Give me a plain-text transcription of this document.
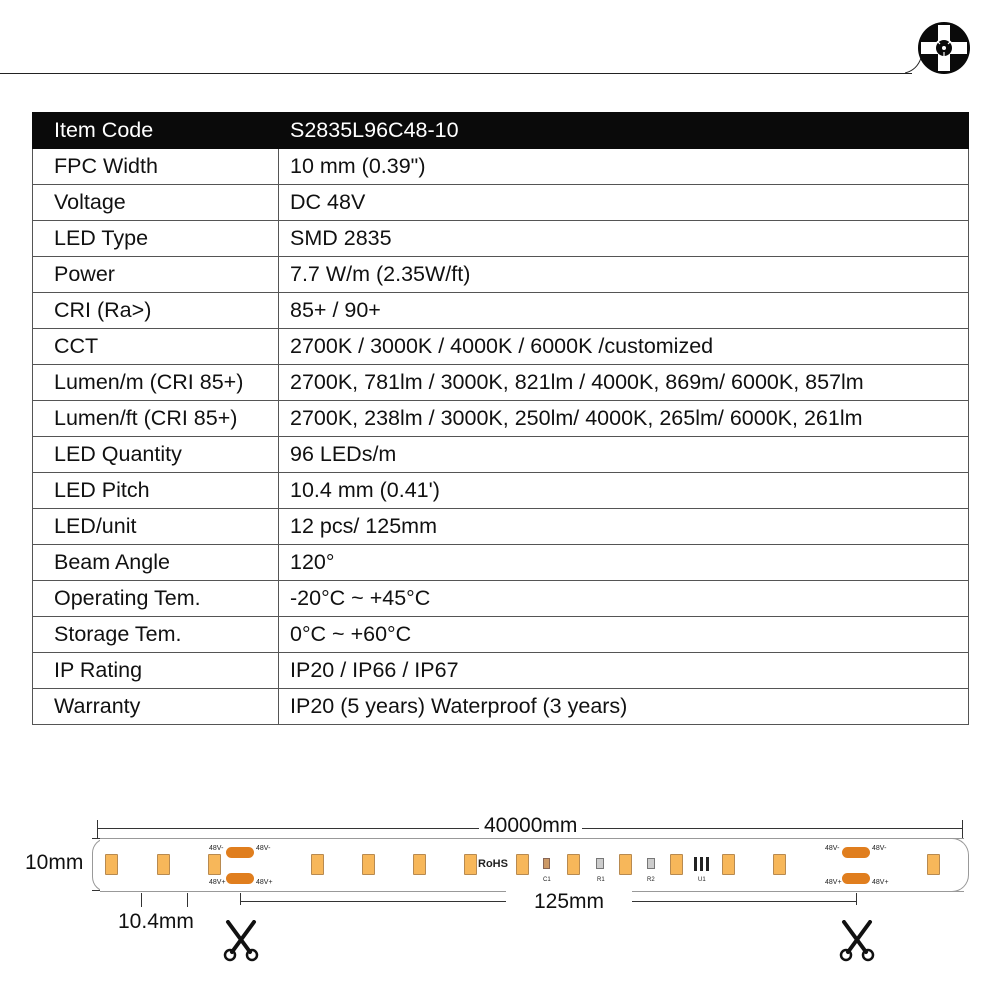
Item Code	S2835L96C48-10
FPC Width	10 mm (0.39")
Voltage	DC 48V
LED Type	SMD 2835
Power	7.7 W/m (2.35W/ft)
CRI (Ra>)	85+ / 90+
CCT	2700K / 3000K / 4000K / 6000K /customized
Lumen/m (CRI 85+)	2700K, 781lm / 3000K, 821lm / 4000K, 869m/ 6000K, 857lm
Lumen/ft (CRI 85+)	2700K, 238lm / 3000K, 250lm/ 4000K, 265lm/ 6000K, 261lm
LED Quantity	96 LEDs/m
LED Pitch	10.4 mm (0.41')
LED/unit	12 pcs/ 125mm
Beam Angle	120°
Operating Tem.	-20°C ~ +45°C
Storage Tem.	0°C ~ +60°C
IP Rating	IP20 / IP66 / IP67
Warranty	IP20 (5 years) Waterproof (3 years)
40000mm
10mm
48V-	48V-
48V+	48V+
48V-	48V-
48V+	48V+
RoHS
C1	R1	R2	U1
125mm
10.4mm
